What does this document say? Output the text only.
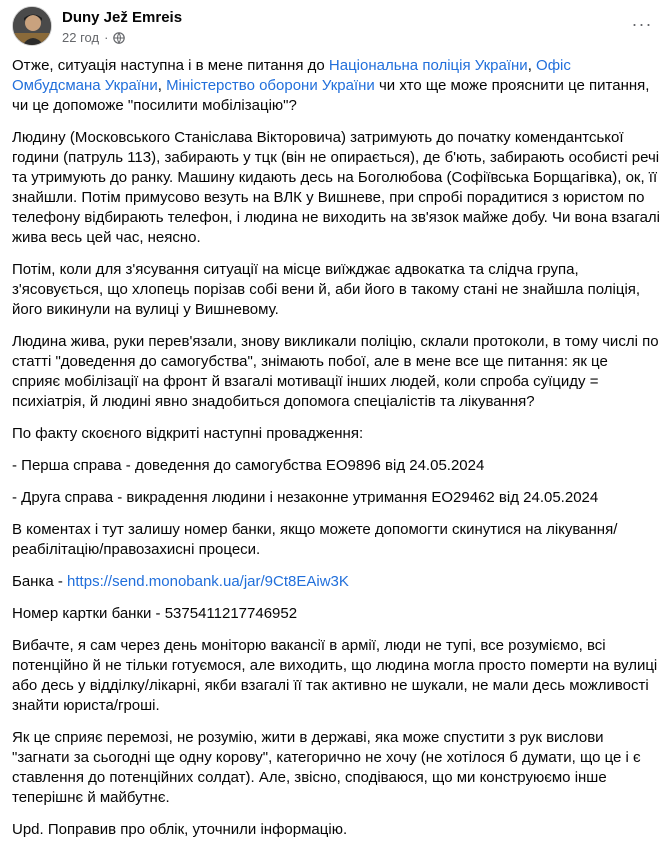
Duny Jež Emreis
22 год ·
···

Отже, ситуація наступна і в мене питання до Національна поліція України, Офіс Омбудсмана України, Міністерство оборони України чи хто ще може прояснити це питання, чи це допоможе "посилити мобілізацію"?

Людину (Московського Станіслава Вікторовича) затримують до початку комендантської години (патруль 113), забирають у тцк (він не опирається), де б'ють, забирають особисті речі та утримують до ранку. Машину кидають десь на Боголюбова (Софіївська Борщагівка), ок, її знайшли. Потім примусово везуть на ВЛК у Вишневе, при спробі порадитися з юристом по телефону відбирають телефон, і людина не виходить на зв'язок майже добу. Чи вона взагалі жива весь цей час, неясно.

Потім, коли для з'ясування ситуації на місце виїжджає адвокатка та слідча група, з'ясовується, що хлопець порізав собі вени й, аби його в такому стані не знайшла поліція, його викинули на вулиці у Вишневому.

Людина жива, руки перев'язали, знову викликали поліцію, склали протоколи, в тому числі по статті "доведення до самогубства", знімають побої, але в мене все ще питання: як це сприяє мобілізації на фронт й взагалі мотивації інших людей, коли спроба суїциду = психіатрія, й людині явно знадобиться допомога спеціалістів та лікування?

По факту скоєного відкриті наступні провадження:

- Перша справа - доведення до самогубства ЕО9896 від 24.05.2024

- Друга справа - викрадення людини і незаконне утримання ЕО29462 від 24.05.2024

В коментах і тут залишу номер банки, якщо можете допомогти скинутися на лікування/реабілітацію/правозахисні процеси.

Банка - https://send.monobank.ua/jar/9Ct8EAiw3K

Номер картки банки - 5375411217746952

Вибачте, я сам через день моніторю вакансії в армії, люди не тупі, все розуміємо, всі потенційно й не тільки готуємося, але виходить, що людина могла просто померти на вулиці або десь у відділку/лікарні, якби взагалі її так активно не шукали, не мали десь можливості знайти юриста/гроші.

Як це сприяє перемозі, не розумію, жити в державі, яка може спустити з рук вислови "загнати за сьогодні ще одну корову", категорично не хочу (не хотілося б думати, що це і є ставлення до потенційних солдат). Але, звісно, сподіваюся, що ми конструюємо інше теперішнє й майбутнє.

Upd. Поправив про облік, уточнили інформацію.
